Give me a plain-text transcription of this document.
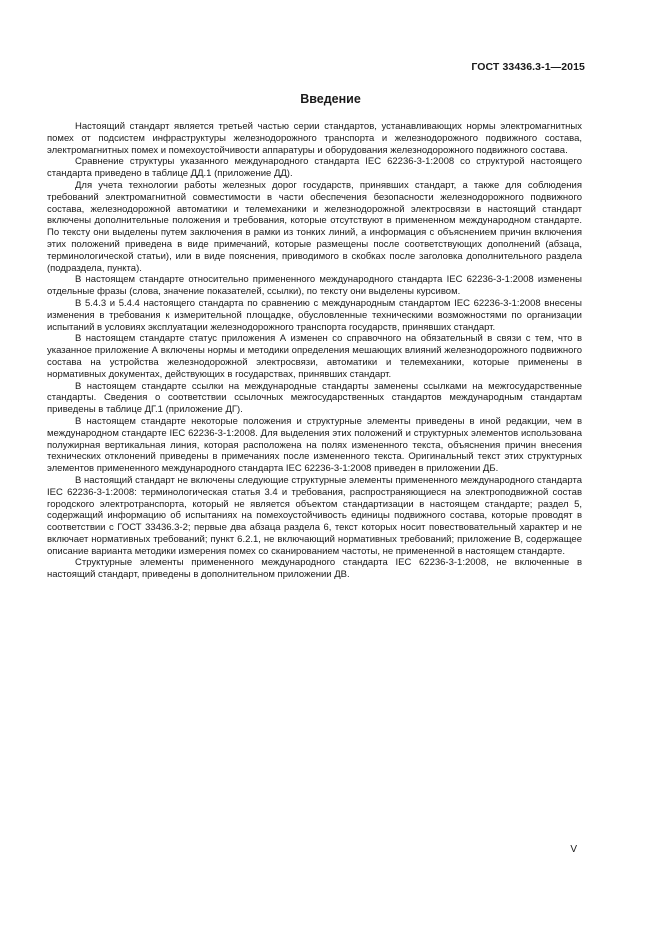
ГОСТ 33436.3-1—2015
Введение

Настоящий стандарт является третьей частью серии стандартов, устанавливающих нормы электромагнитных помех от подсистем инфраструктуры железнодорожного транспорта и железнодорожного подвижного состава, электромагнитных помех и помехоустойчивости аппаратуры и оборудования железнодорожного подвижного состава.

Сравнение структуры указанного международного стандарта IEC 62236-3-1:2008 со структурой настоящего стандарта приведено в таблице ДД.1 (приложение ДД).

Для учета технологии работы железных дорог государств, принявших стандарт, а также для соблюдения требований электромагнитной совместимости в части обеспечения безопасности железнодорожного подвижного состава, железнодорожной автоматики и телемеханики и железнодорожной электросвязи в настоящий стандарт включены дополнительные положения и требования, которые отсутствуют в примененном международном стандарте. По тексту они выделены путем заключения в рамки из тонких линий, а информация с объяснением причин включения этих положений приведена в виде примечаний, которые размещены после соответствующих дополнений (абзаца, терминологической статьи), или в виде пояснения, приводимого в скобках после заголовка дополнительного раздела (подраздела, пункта).

В настоящем стандарте относительно примененного международного стандарта IEC 62236-3-1:2008 изменены отдельные фразы (слова, значение показателей, ссылки), по тексту они выделены курсивом.

В 5.4.3 и 5.4.4 настоящего стандарта по сравнению с международным стандартом IEC 62236-3-1:2008 внесены изменения в требования к измерительной площадке, обусловленные техническими возможностями по организации испытаний в условиях эксплуатации железнодорожного транспорта государств, принявших стандарт.

В настоящем стандарте статус приложения А изменен со справочного на обязательный в связи с тем, что в указанное приложение А включены нормы и методики определения мешающих влияний железнодорожного подвижного состава на устройства железнодорожной электросвязи, автоматики и телемеханики, которые применены в нормативных документах, действующих в государствах, принявших стандарт.

В настоящем стандарте ссылки на международные стандарты заменены ссылками на межгосударственные стандарты. Сведения о соответствии ссылочных межгосударственных стандартов международным стандартам приведены в таблице ДГ.1 (приложение ДГ).

В настоящем стандарте некоторые положения и структурные элементы приведены в иной редакции, чем в международном стандарте IEC 62236-3-1:2008. Для выделения этих положений и структурных элементов использована полужирная вертикальная линия, которая расположена на полях измененного текста, объяснения причин внесения технических отклонений приведены в примечаниях после измененного текста. Оригинальный текст этих структурных элементов примененного международного стандарта IEC 62236-3-1:2008 приведен в приложении ДБ.

В настоящий стандарт не включены следующие структурные элементы примененного международного стандарта IEC 62236-3-1:2008: терминологическая статья 3.4 и требования, распространяющиеся на электроподвижной состав городского электротранспорта, который не является объектом стандартизации в настоящем стандарте; раздел 5, содержащий информацию об испытаниях на помехоустойчивость единицы подвижного состава, которые проводят в соответствии с ГОСТ 33436.3-2; первые два абзаца раздела 6, текст которых носит повествовательный характер и не включает нормативных требований; пункт 6.2.1, не включающий нормативных требований; приложение В, содержащее описание варианта методики измерения помех со сканированием частоты, не примененной в настоящем стандарте.

Структурные элементы примененного международного стандарта IEC 62236-3-1:2008, не включенные в настоящий стандарт, приведены в дополнительном приложении ДВ.

V
